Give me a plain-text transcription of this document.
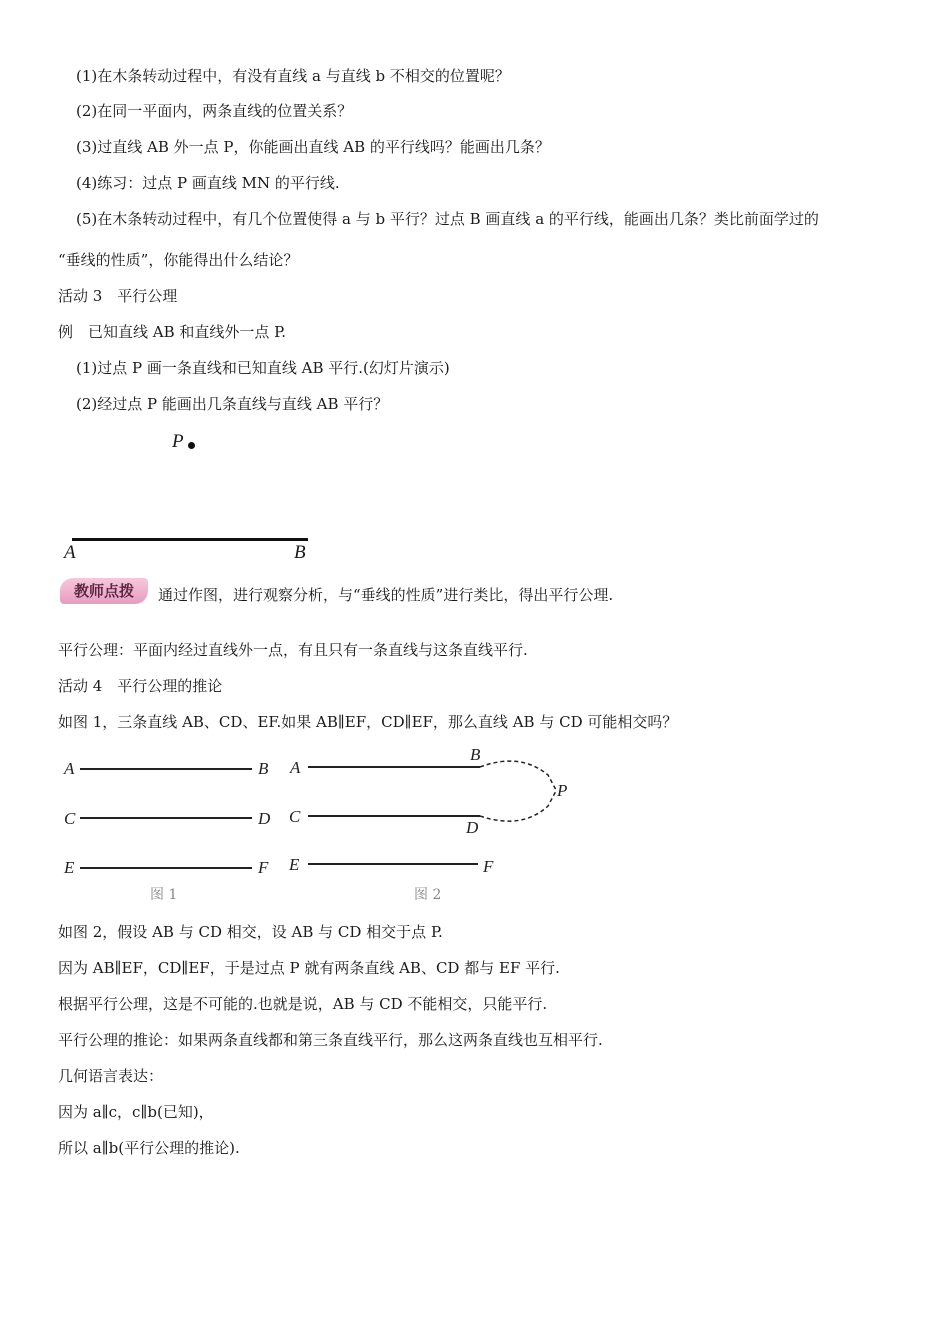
(1)在木条转动过程中，有没有直线 a 与直线 b 不相交的位置呢？
(2)在同一平面内，两条直线的位置关系？
(3)过直线 AB 外一点 P，你能画出直线 AB 的平行线吗？能画出几条？
(4)练习：过点 P 画直线 MN 的平行线.
(5)在木条转动过程中，有几个位置使得 a 与 b 平行？过点 B 画直线 a 的平行线，能画出几条？类比前面学过的
“垂线的性质”，你能得出什么结论？
活动 3　平行公理
例　已知直线 AB 和直线外一点 P.
(1)过点 P 画一条直线和已知直线 AB 平行.(幻灯片演示)
(2)经过点 P 能画出几条直线与直线 AB 平行？
P
A	B
教师点拨	通过作图，进行观察分析，与“垂线的性质”进行类比，得出平行公理.
平行公理：平面内经过直线外一点，有且只有一条直线与这条直线平行.
活动 4　平行公理的推论
如图 1，三条直线 AB、CD、EF.如果 AB∥EF，CD∥EF，那么直线 AB 与 CD 可能相交吗？
A	B
C	D
E	F
图 1
A
B
C
D
P
E	F
图 2
如图 2，假设 AB 与 CD 相交，设 AB 与 CD 相交于点 P.
因为 AB∥EF，CD∥EF，于是过点 P 就有两条直线 AB、CD 都与 EF 平行.
根据平行公理，这是不可能的.也就是说，AB 与 CD 不能相交，只能平行.
平行公理的推论：如果两条直线都和第三条直线平行，那么这两条直线也互相平行.
几何语言表达：
因为 a∥c，c∥b(已知)，
所以 a∥b(平行公理的推论).
